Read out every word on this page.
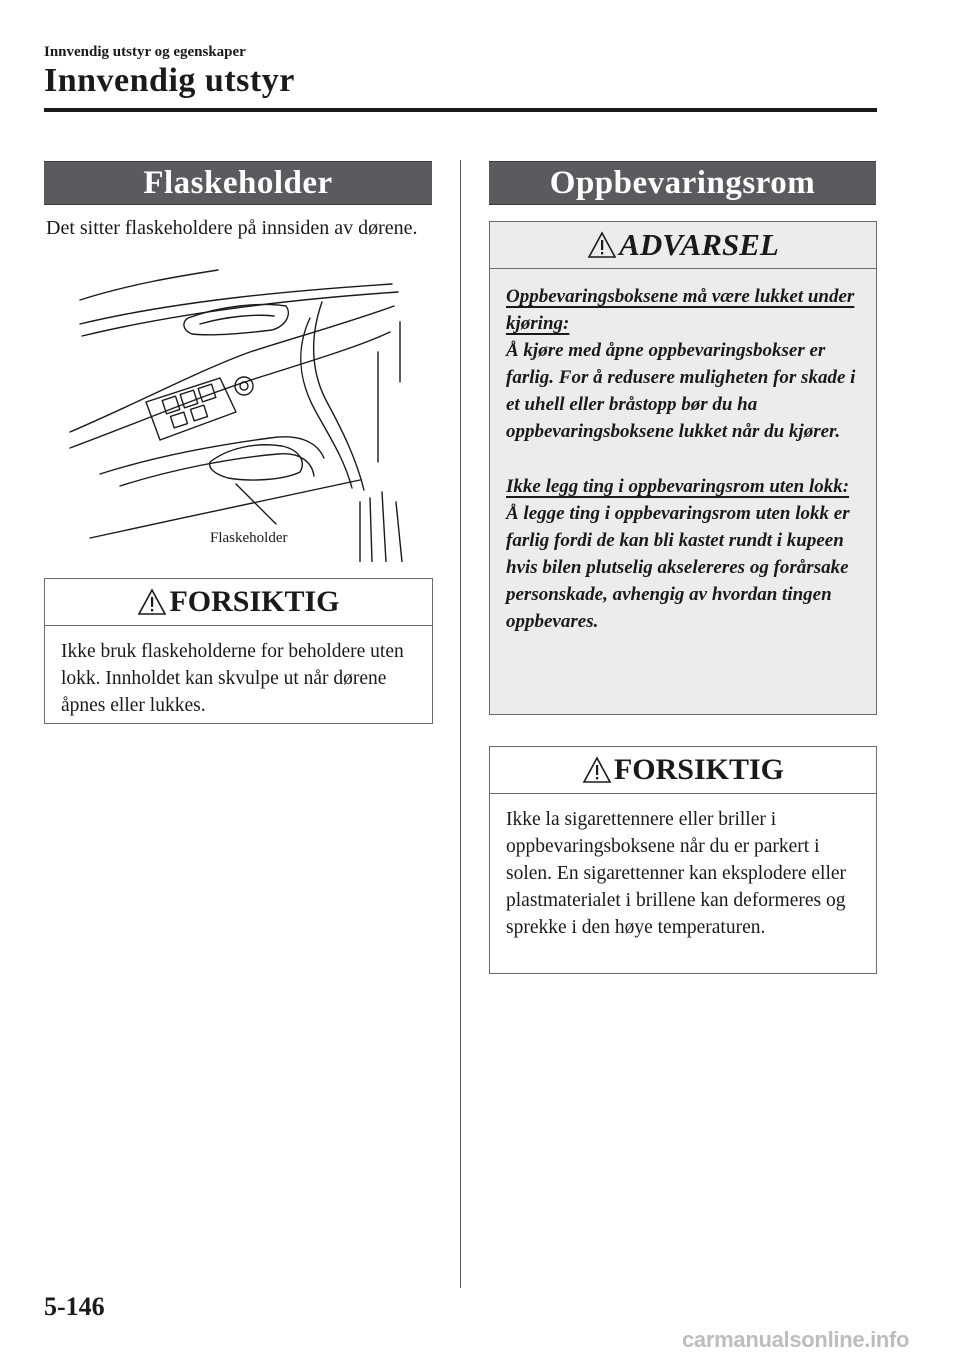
Innvendig utstyr og egenskaper
Innvendig utstyr
Flaskeholder
Det sitter flaskeholdere på innsiden av dørene.
Flaskeholder
FORSIKTIG

Ikke bruk flaskeholderne for beholdere uten lokk. Innholdet kan skvulpe ut når dørene åpnes eller lukkes.

Oppbevaringsrom
ADVARSEL

Oppbevaringsboksene må være lukket under kjøring:

Å kjøre med åpne oppbevaringsbokser er farlig. For å redusere muligheten for skade i et uhell eller bråstopp bør du ha oppbevaringsboksene lukket når du kjører.

Ikke legg ting i oppbevaringsrom uten lokk:

Å legge ting i oppbevaringsrom uten lokk er farlig fordi de kan bli kastet rundt i kupeen hvis bilen plutselig akselereres og forårsake personskade, avhengig av hvordan tingen oppbevares.

FORSIKTIG

Ikke la sigarettennere eller briller i oppbevaringsboksene når du er parkert i solen. En sigarettenner kan eksplodere eller plastmaterialet i brillene kan deformeres og sprekke i den høye temperaturen.

5-146
carmanualsonline.info
